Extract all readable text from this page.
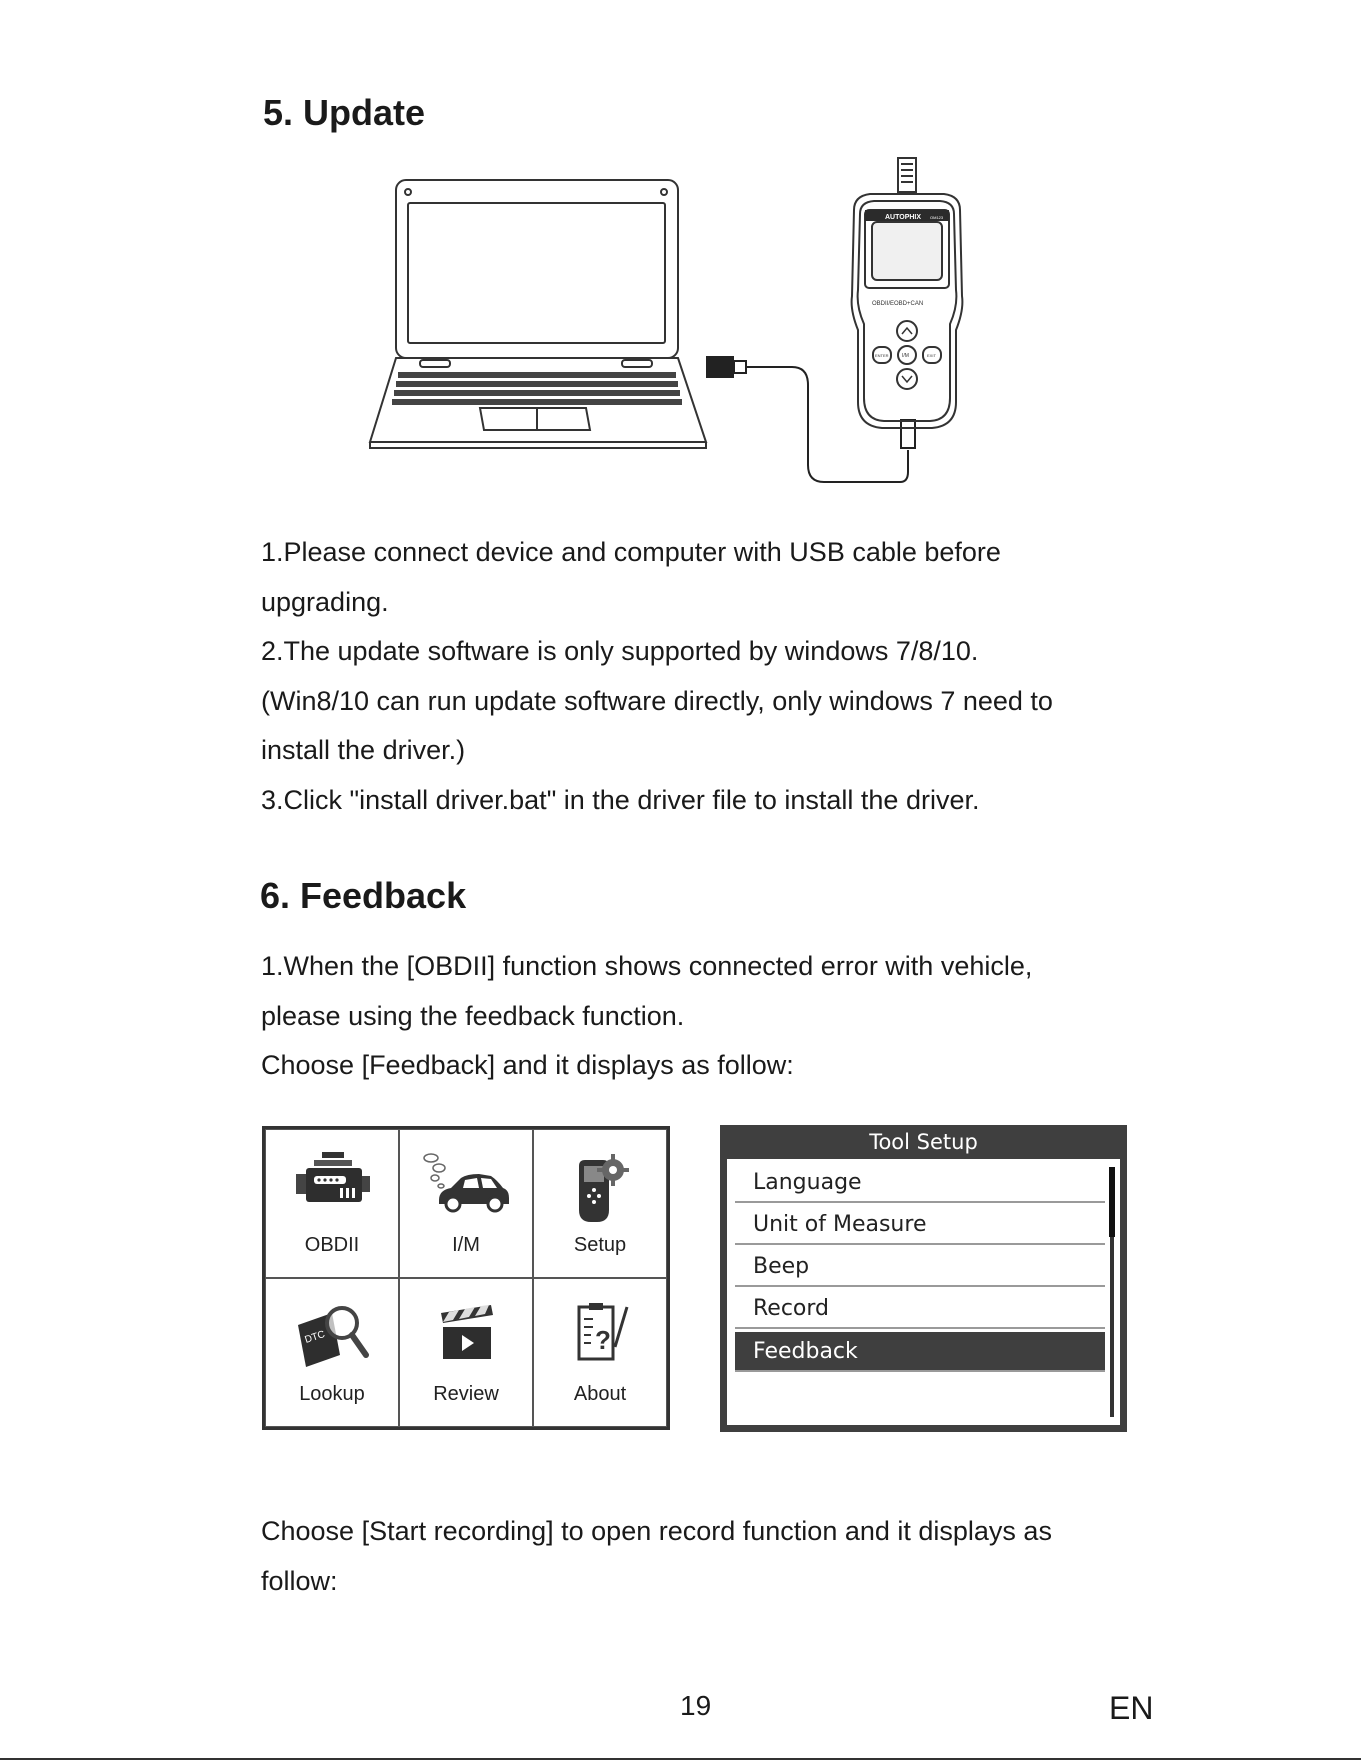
5. Update
AUTOPHIX OM123
OBDII/EOBD+CAN
ENTER	I/M	EXIT
1.Please connect device and computer with USB cable before
upgrading.
2.The update software is only supported by windows 7/8/10.
(Win8/10 can run update software directly, only windows 7 need to
install the driver.)
3.Click "install driver.bat" in the driver file to install the driver.
6. Feedback
1.When the [OBDII] function shows connected error with vehicle,
please using the feedback function.
Choose [Feedback] and it displays as follow:
OBDII	I/M	Setup
DTC
Lookup	Review
?
About
Tool Setup
Language
Unit of Measure
Beep
Record
Feedback
Choose [Start recording] to open record function and it displays as
follow:
19	EN
